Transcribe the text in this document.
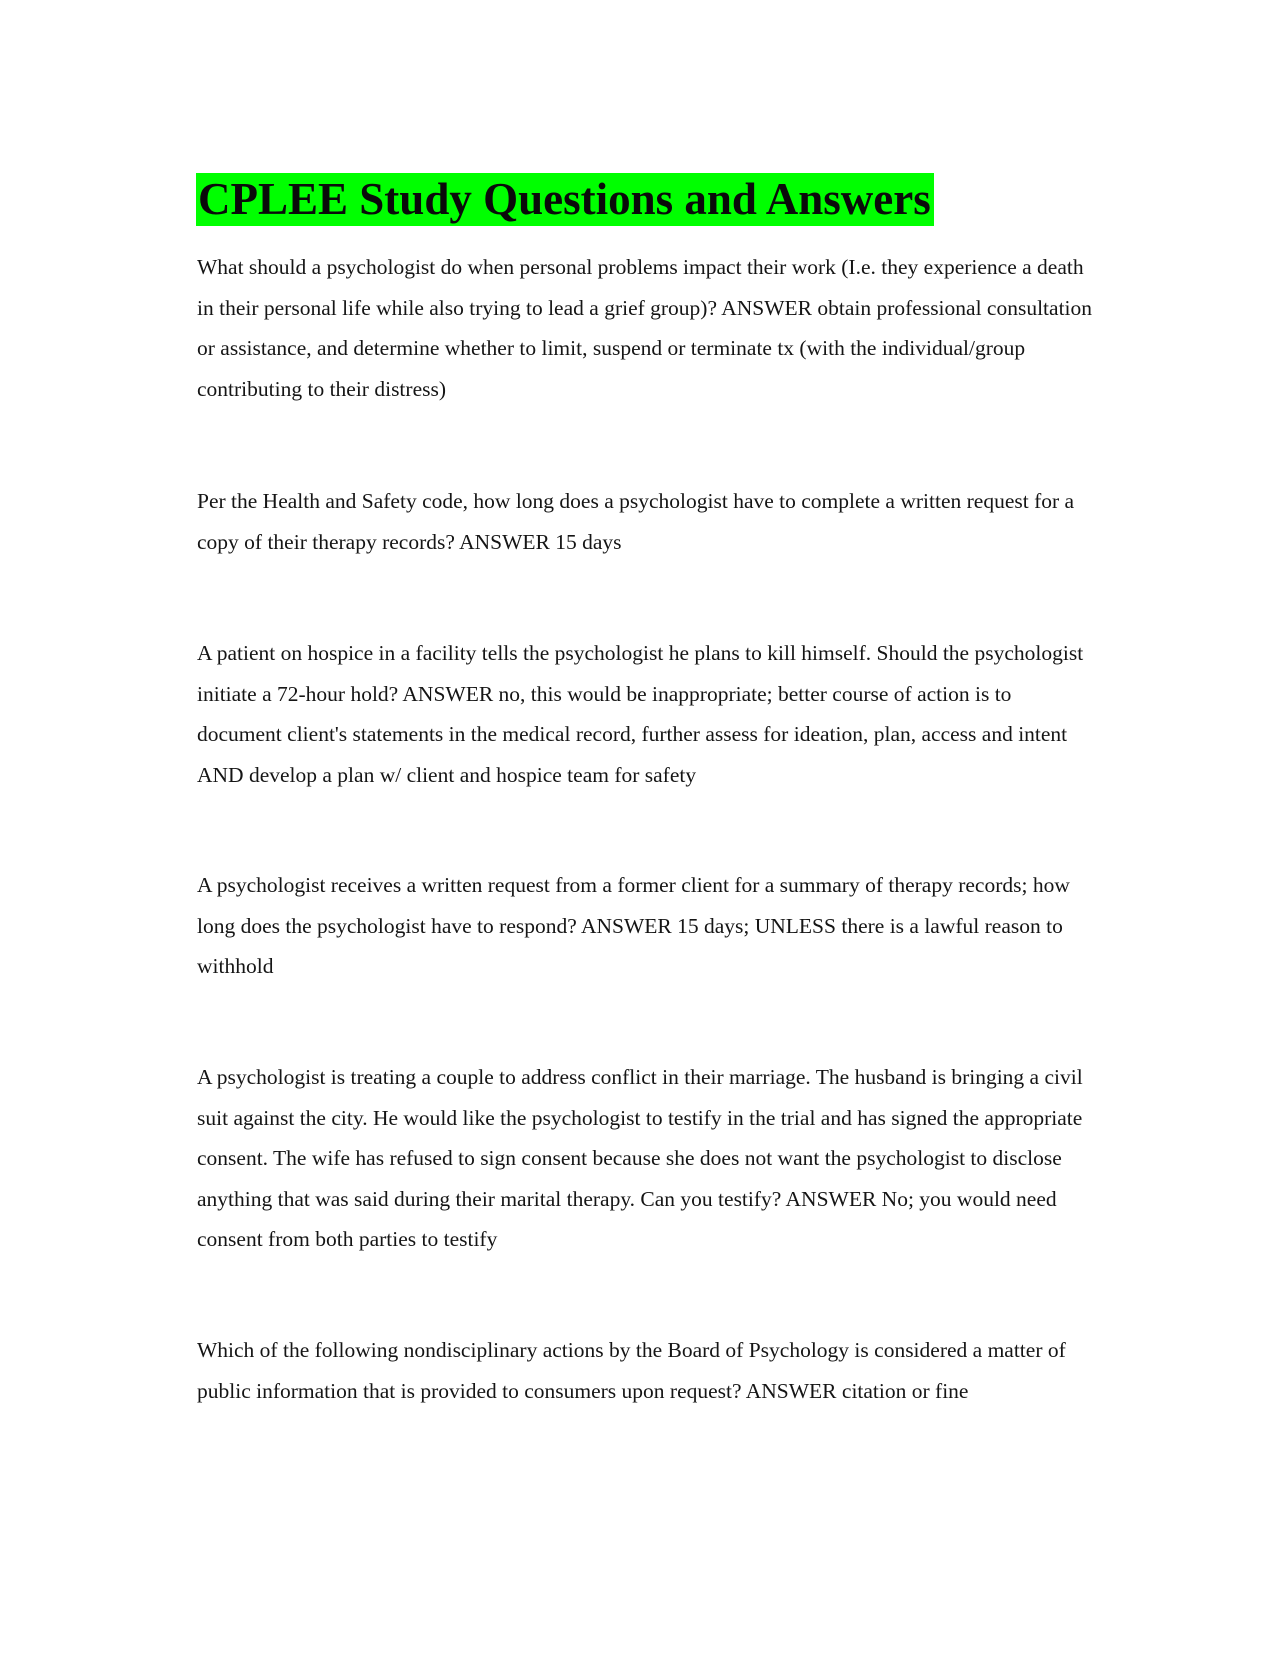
CPLEE Study Questions and Answers

What should a psychologist do when personal problems impact their work (I.e. they experience a death in their personal life while also trying to lead a grief group)? ANSWER obtain professional consultation or assistance, and determine whether to limit, suspend or terminate tx (with the individual/group contributing to their distress)

Per the Health and Safety code, how long does a psychologist have to complete a written request for a copy of their therapy records? ANSWER 15 days

A patient on hospice in a facility tells the psychologist he plans to kill himself. Should the psychologist initiate a 72-hour hold? ANSWER no, this would be inappropriate; better course of action is to document client's statements in the medical record, further assess for ideation, plan, access and intent AND develop a plan w/ client and hospice team for safety

A psychologist receives a written request from a former client for a summary of therapy records; how long does the psychologist have to respond? ANSWER 15 days; UNLESS there is a lawful reason to withhold

A psychologist is treating a couple to address conflict in their marriage. The husband is bringing a civil suit against the city. He would like the psychologist to testify in the trial and has signed the appropriate consent. The wife has refused to sign consent because she does not want the psychologist to disclose anything that was said during their marital therapy. Can you testify? ANSWER No; you would need consent from both parties to testify

Which of the following nondisciplinary actions by the Board of Psychology is considered a matter of public information that is provided to consumers upon request? ANSWER citation or fine
